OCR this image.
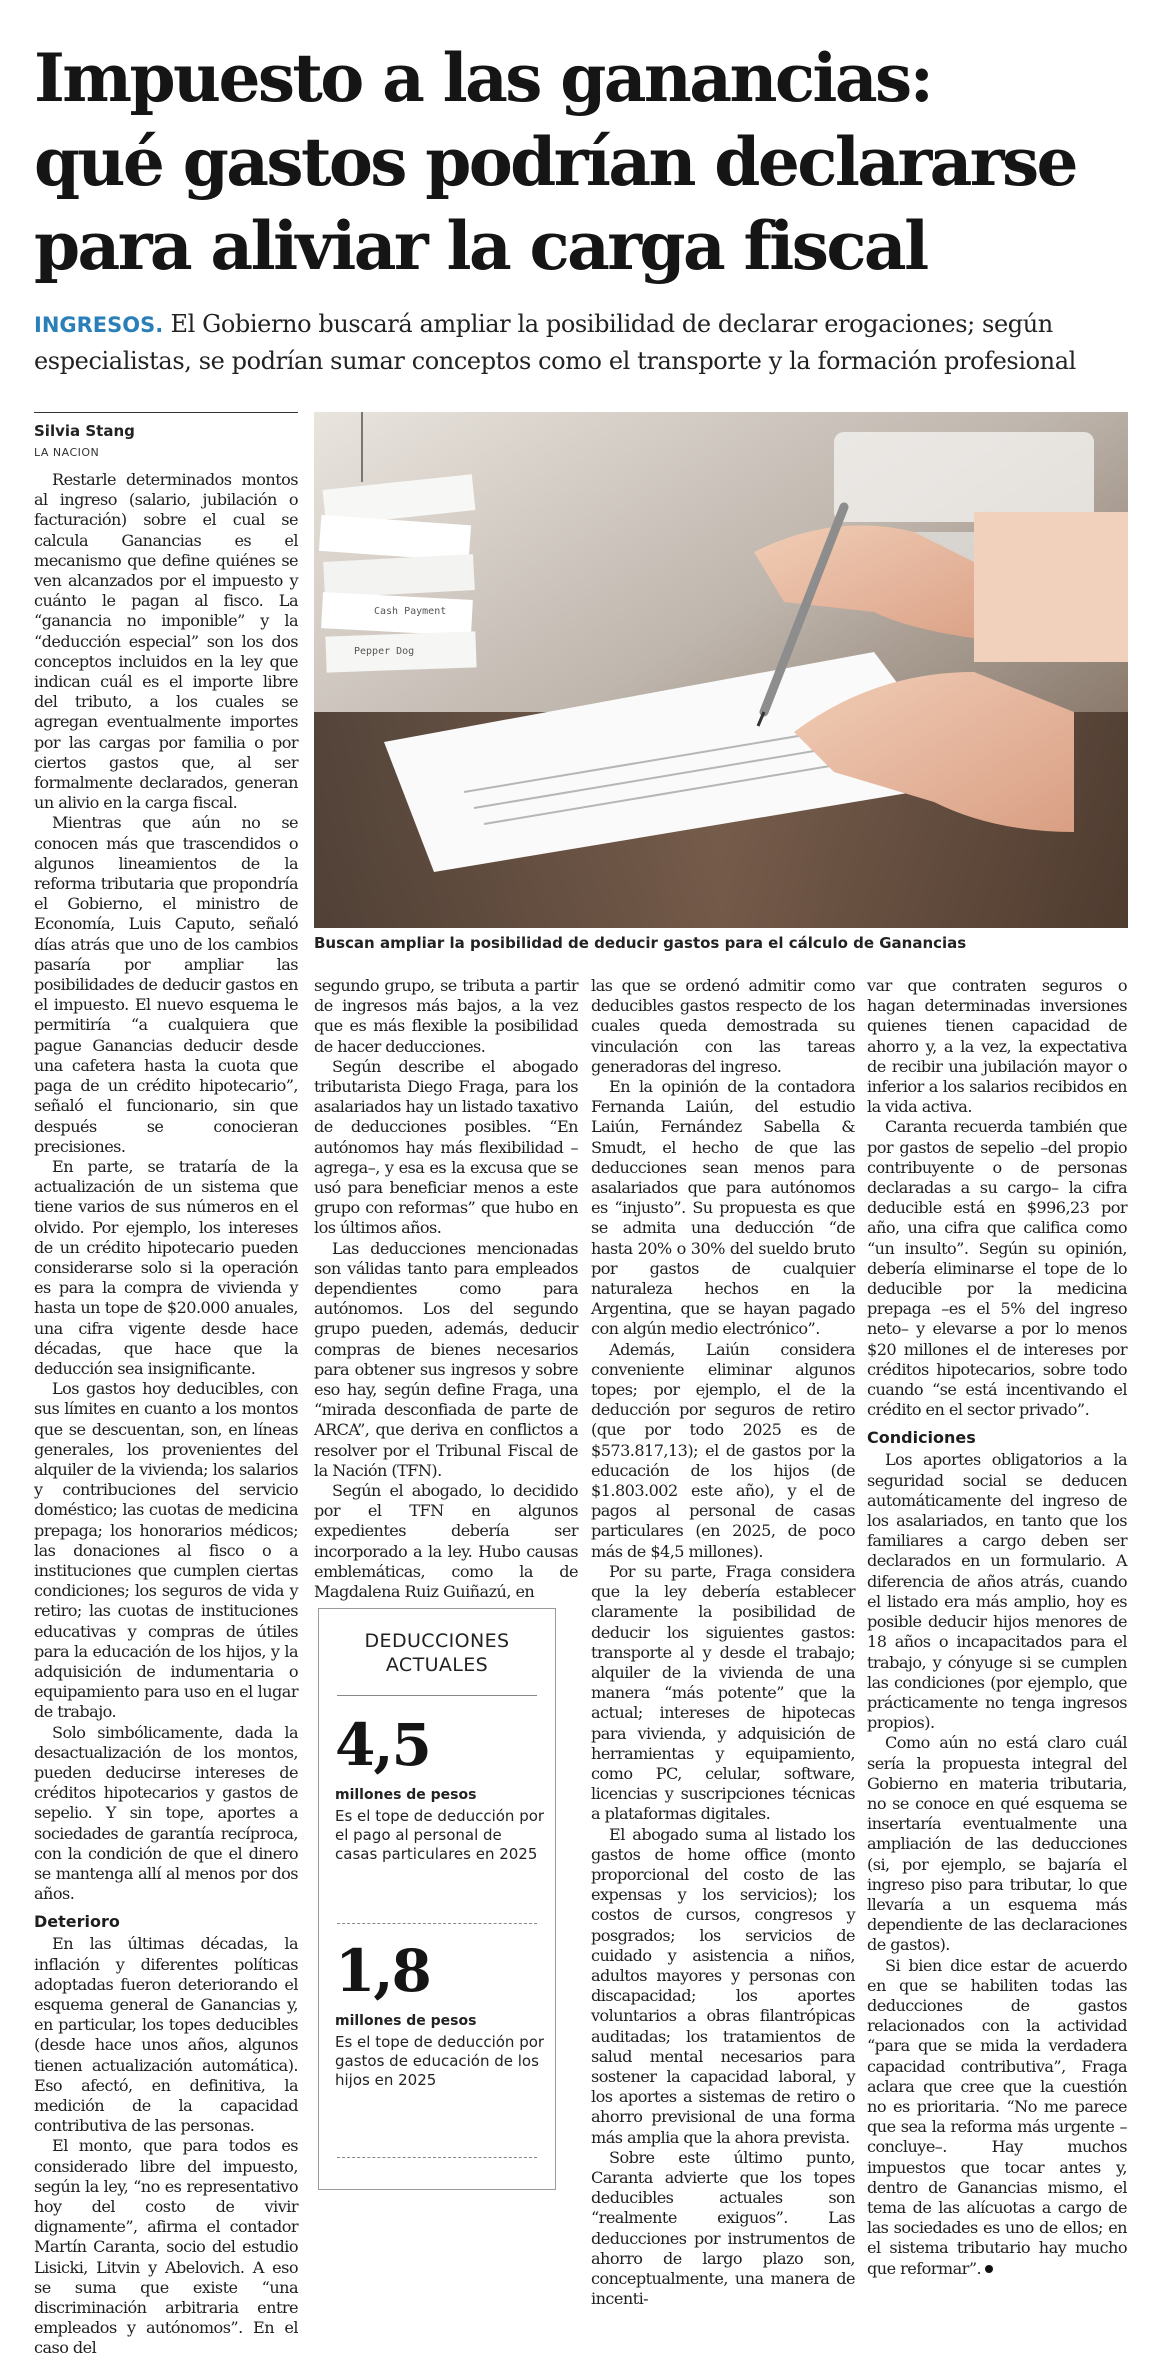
Impuesto a las ganancias:
qué gastos podrían declararse
para aliviar la carga fiscal

INGRESOS. El Gobierno buscará ampliar la posibilidad de declarar erogaciones; según especialistas, se podrían sumar conceptos como el transporte y la formación profesional

Silvia Stang
LA NACION
Cash Payment
Pepper Dog
Buscan ampliar la posibilidad de deducir gastos para el cálculo de Ganancias

Restarle determinados montos al ingreso (salario, jubilación o facturación) sobre el cual se calcula Ganancias es el mecanismo que define quiénes se ven alcanzados por el impuesto y cuánto le pagan al fisco. La “ganancia no imponible” y la “deducción especial” son los dos conceptos incluidos en la ley que indican cuál es el importe libre del tributo, a los cuales se agregan eventualmente importes por las cargas por familia o por ciertos gastos que, al ser formalmente declarados, generan un alivio en la carga fiscal.

Mientras que aún no se conocen más que trascendidos o algunos lineamientos de la reforma tributaria que propondría el Gobierno, el ministro de Economía, Luis Caputo, señaló días atrás que uno de los cambios pasaría por ampliar las posibilidades de deducir gastos en el impuesto. El nuevo esquema le permitiría “a cualquiera que pague Ganancias deducir desde una cafetera hasta la cuota que paga de un crédito hipotecario”, señaló el funcionario, sin que después se conocieran precisiones.

En parte, se trataría de la actualización de un sistema que tiene varios de sus números en el olvido. Por ejemplo, los intereses de un crédito hipotecario pueden considerarse solo si la operación es para la compra de vivienda y hasta un tope de $20.000 anuales, una cifra vigente desde hace décadas, que hace que la deducción sea insignificante.

Los gastos hoy deducibles, con sus límites en cuanto a los montos que se descuentan, son, en líneas generales, los provenientes del alquiler de la vivienda; los salarios y contribuciones del servicio doméstico; las cuotas de medicina prepaga; los honorarios médicos; las donaciones al fisco o a instituciones que cumplen ciertas condiciones; los seguros de vida y retiro; las cuotas de instituciones educativas y compras de útiles para la educación de los hijos, y la adquisición de indumentaria o equipamiento para uso en el lugar de trabajo.

Solo simbólicamente, dada la desactualización de los montos, pueden deducirse intereses de créditos hipotecarios y gastos de sepelio. Y sin tope, aportes a sociedades de garantía recíproca, con la condición de que el dinero se mantenga allí al menos por dos años.

Deterioro

En las últimas décadas, la inflación y diferentes políticas adoptadas fueron deteriorando el esquema general de Ganancias y, en particular, los topes deducibles (desde hace unos años, algunos tienen actualización automática). Eso afectó, en definitiva, la medición de la capacidad contributiva de las personas.

El monto, que para todos es considerado libre del impuesto, según la ley, “no es representativo hoy del costo de vivir dignamente”, afirma el contador Martín Caranta, socio del estudio Lisicki, Litvin y Abelovich. A eso se suma que existe “una discriminación arbitraria entre empleados y autónomos”. En el caso del

segundo grupo, se tributa a partir de ingresos más bajos, a la vez que es más flexible la posibilidad de hacer deducciones.

Según describe el abogado tributarista Diego Fraga, para los asalariados hay un listado taxativo de deducciones posibles. “En autónomos hay más flexibilidad –agrega–, y esa es la excusa que se usó para beneficiar menos a este grupo con reformas” que hubo en los últimos años.

Las deducciones mencionadas son válidas tanto para empleados dependientes como para autónomos. Los del segundo grupo pueden, además, deducir compras de bienes necesarios para obtener sus ingresos y sobre eso hay, según define Fraga, una “mirada desconfiada de parte de ARCA”, que deriva en conflictos a resolver por el Tribunal Fiscal de la Nación (TFN).

Según el abogado, lo decidido por el TFN en algunos expedientes debería ser incorporado a la ley. Hubo causas emblemáticas, como la de Magdalena Ruiz Guiñazú, en

las que se ordenó admitir como deducibles gastos respecto de los cuales queda demostrada su vinculación con las tareas generadoras del ingreso.

En la opinión de la contadora Fernanda Laiún, del estudio Laiún, Fernández Sabella & Smudt, el hecho de que las deducciones sean menos para asalariados que para autónomos es “injusto”. Su propuesta es que se admita una deducción “de hasta 20% o 30% del sueldo bruto por gastos de cualquier naturaleza hechos en la Argentina, que se hayan pagado con algún medio electrónico”.

Además, Laiún considera conveniente eliminar algunos topes; por ejemplo, el de la deducción por seguros de retiro (que por todo 2025 es de $573.817,13); el de gastos por la educación de los hijos (de $1.803.002 este año), y el de pagos al personal de casas particulares (en 2025, de poco más de $4,5 millones).

Por su parte, Fraga considera que la ley debería establecer claramente la posibilidad de deducir los siguientes gastos: transporte al y desde el trabajo; alquiler de la vivienda de una manera “más potente” que la actual; intereses de hipotecas para vivienda, y adquisición de herramientas y equipamiento, como PC, celular, software, licencias y suscripciones técnicas a plataformas digitales.

El abogado suma al listado los gastos de home office (monto proporcional del costo de las expensas y los servicios); los costos de cursos, congresos y posgrados; los servicios de cuidado y asistencia a niños, adultos mayores y personas con discapacidad; los aportes voluntarios a obras filantrópicas auditadas; los tratamientos de salud mental necesarios para sostener la capacidad laboral, y los aportes a sistemas de retiro o ahorro previsional de una forma más amplia que la ahora prevista.

Sobre este último punto, Caranta advierte que los topes deducibles actuales son “realmente exiguos”. Las deducciones por instrumentos de ahorro de largo plazo son, conceptualmente, una manera de incenti-

var que contraten seguros o hagan determinadas inversiones quienes tienen capacidad de ahorro y, a la vez, la expectativa de recibir una jubilación mayor o inferior a los salarios recibidos en la vida activa.

Caranta recuerda también que por gastos de sepelio –del propio contribuyente o de personas declaradas a su cargo– la cifra deducible está en $996,23 por año, una cifra que califica como “un insulto”. Según su opinión, debería eliminarse el tope de lo deducible por la medicina prepaga –es el 5% del ingreso neto– y elevarse a por lo menos $20 millones el de intereses por créditos hipotecarios, sobre todo cuando “se está incentivando el crédito en el sector privado”.

Condiciones

Los aportes obligatorios a la seguridad social se deducen automáticamente del ingreso de los asalariados, en tanto que los familiares a cargo deben ser declarados en un formulario. A diferencia de años atrás, cuando el listado era más amplio, hoy es posible deducir hijos menores de 18 años o incapacitados para el trabajo, y cónyuge si se cumplen las condiciones (por ejemplo, que prácticamente no tenga ingresos propios).

Como aún no está claro cuál sería la propuesta integral del Gobierno en materia tributaria, no se conoce en qué esquema se insertaría eventualmente una ampliación de las deducciones (si, por ejemplo, se bajaría el ingreso piso para tributar, lo que llevaría a un esquema más dependiente de las declaraciones de gastos).

Si bien dice estar de acuerdo en que se habiliten todas las deducciones de gastos relacionados con la actividad “para que se mida la verdadera capacidad contributiva”, Fraga aclara que cree que la cuestión no es prioritaria. “No me parece que sea la reforma más urgente –concluye–. Hay muchos impuestos que tocar antes y, dentro de Ganancias mismo, el tema de las alícuotas a cargo de las sociedades es uno de ellos; en el sistema tributario hay mucho que reformar”.

DEDUCCIONES ACTUALES
4,5
millones de pesos
Es el tope de deducción por el pago al personal de casas particulares en 2025
1,8
millones de pesos
Es el tope de deducción por gastos de educación de los hijos en 2025
